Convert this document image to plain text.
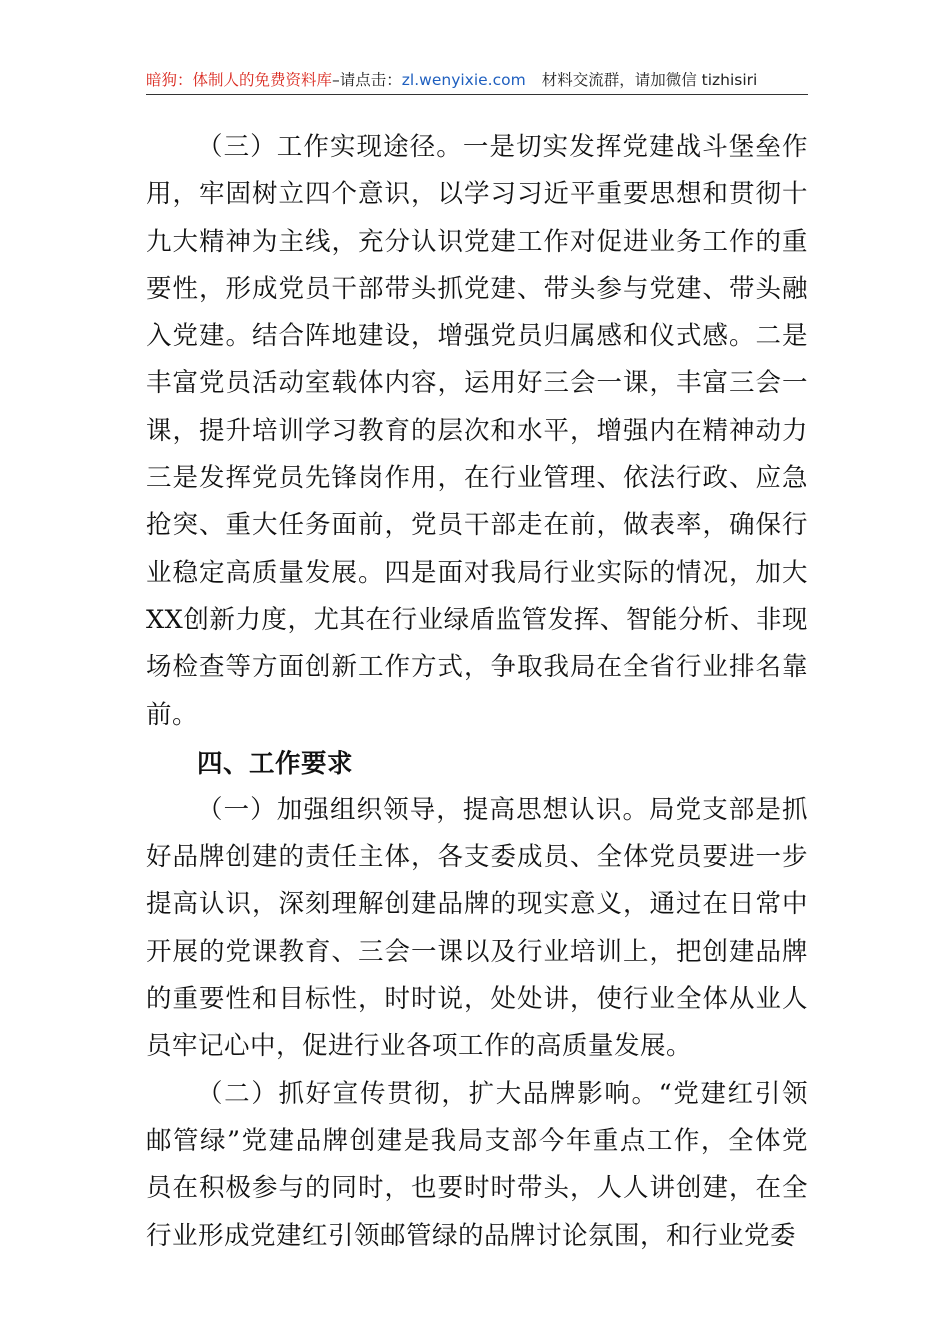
暗狗：体制人的免费资料库–请点击：zl.wenyixie.com 材料交流群，请加微信 tizhisiri

（三）工作实现途径。一是切实发挥党建战斗堡垒作用，牢固树立四个意识，以学习习近平重要思想和贯彻十九大精神为主线，充分认识党建工作对促进业务工作的重要性，形成党员干部带头抓党建、带头参与党建、带头融入党建。结合阵地建设，增强党员归属感和仪式感。二是丰富党员活动室载体内容，运用好三会一课，丰富三会一课，提升培训学习教育的层次和水平，增强内在精神动力三是发挥党员先锋岗作用，在行业管理、依法行政、应急抢突、重大任务面前，党员干部走在前，做表率，确保行业稳定高质量发展。四是面对我局行业实际的情况，加大XX创新力度，尤其在行业绿盾监管发挥、智能分析、非现场检查等方面创新工作方式，争取我局在全省行业排名靠前。

四、工作要求

（一）加强组织领导，提高思想认识。局党支部是抓好品牌创建的责任主体，各支委成员、全体党员要进一步提高认识，深刻理解创建品牌的现实意义，通过在日常中开展的党课教育、三会一课以及行业培训上，把创建品牌的重要性和目标性，时时说，处处讲，使行业全体从业人员牢记心中，促进行业各项工作的高质量发展。

（二）抓好宣传贯彻，扩大品牌影响。“党建红引领邮管绿”党建品牌创建是我局支部今年重点工作，全体党员在积极参与的同时，也要时时带头，人人讲创建，在全行业形成党建红引领邮管绿的品牌讨论氛围，和行业党委
